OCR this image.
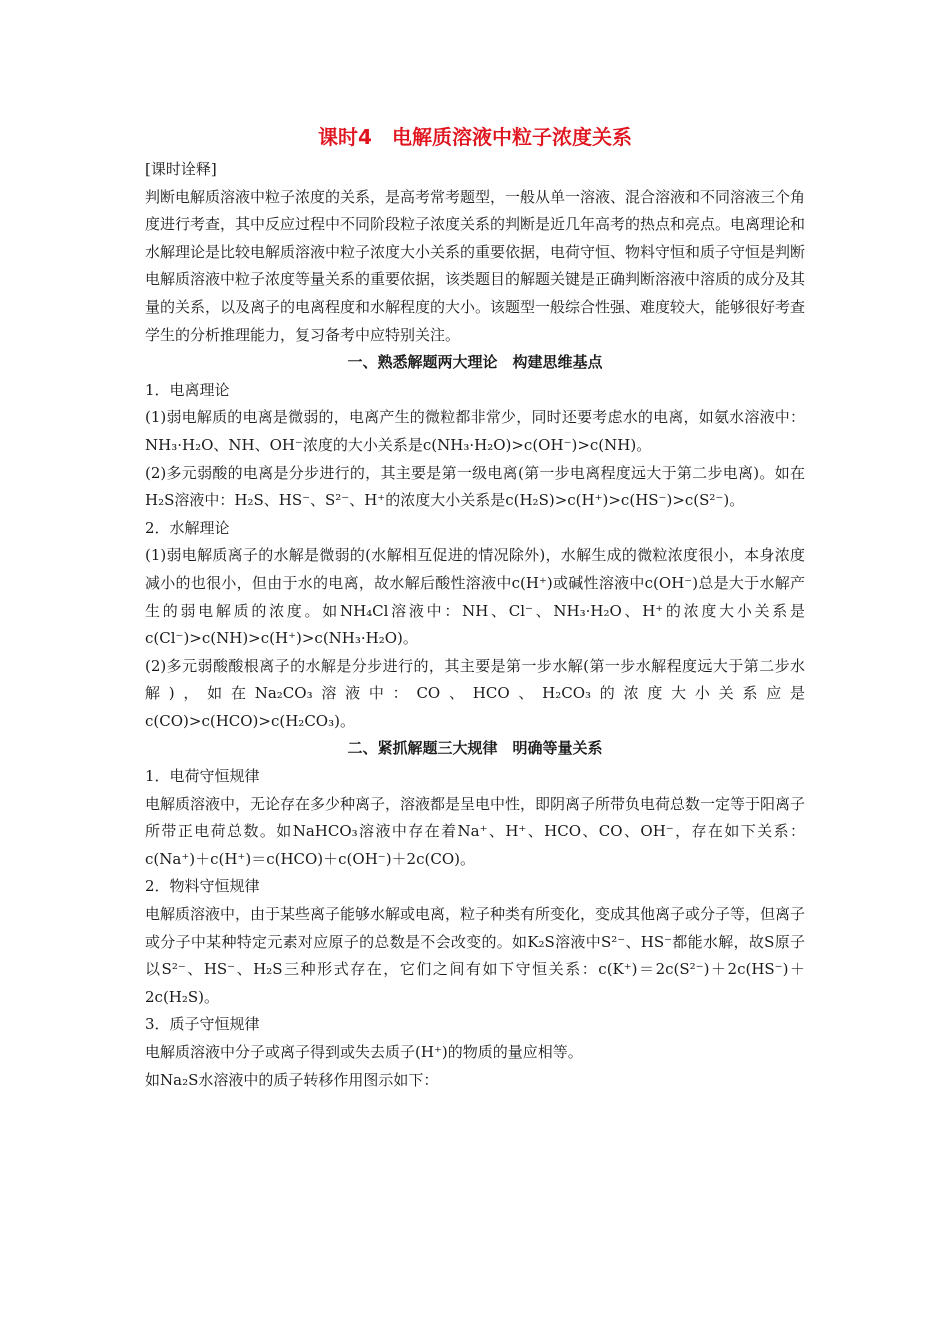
课时4　电解质溶液中粒子浓度关系

[课时诠释]

判断电解质溶液中粒子浓度的关系，是高考常考题型，一般从单一溶液、混合溶液和不同溶液三个角度进行考查，其中反应过程中不同阶段粒子浓度关系的判断是近几年高考的热点和亮点。电离理论和水解理论是比较电解质溶液中粒子浓度大小关系的重要依据，电荷守恒、物料守恒和质子守恒是判断电解质溶液中粒子浓度等量关系的重要依据，该类题目的解题关键是正确判断溶液中溶质的成分及其量的关系，以及离子的电离程度和水解程度的大小。该题型一般综合性强、难度较大，能够很好考查学生的分析推理能力，复习备考中应特别关注。

一、熟悉解题两大理论　构建思维基点

1．电离理论

(1)弱电解质的电离是微弱的，电离产生的微粒都非常少，同时还要考虑水的电离，如氨水溶液中：NH₃·H₂O、NH、OH⁻浓度的大小关系是c(NH₃·H₂O)>c(OH⁻)>c(NH)。

(2)多元弱酸的电离是分步进行的，其主要是第一级电离(第一步电离程度远大于第二步电离)。如在H₂S溶液中：H₂S、HS⁻、S²⁻、H⁺的浓度大小关系是c(H₂S)>c(H⁺)>c(HS⁻)>c(S²⁻)。

2．水解理论

(1)弱电解质离子的水解是微弱的(水解相互促进的情况除外)，水解生成的微粒浓度很小，本身浓度减小的也很小，但由于水的电离，故水解后酸性溶液中c(H⁺)或碱性溶液中c(OH⁻)总是大于水解产生的弱电解质的浓度。如NH₄Cl溶液中：NH、Cl⁻、NH₃·H₂O、H⁺的浓度大小关系是c(Cl⁻)>c(NH)>c(H⁺)>c(NH₃·H₂O)。

(2)多元弱酸酸根离子的水解是分步进行的，其主要是第一步水解(第一步水解程度远大于第二步水解)，如在Na₂CO₃溶液中：CO、HCO、H₂CO₃的浓度大小关系应是c(CO)>c(HCO)>c(H₂CO₃)。

二、紧抓解题三大规律　明确等量关系

1．电荷守恒规律

电解质溶液中，无论存在多少种离子，溶液都是呈电中性，即阴离子所带负电荷总数一定等于阳离子所带正电荷总数。如NaHCO₃溶液中存在着Na⁺、H⁺、HCO、CO、OH⁻，存在如下关系：c(Na⁺)＋c(H⁺)＝c(HCO)＋c(OH⁻)＋2c(CO)。

2．物料守恒规律

电解质溶液中，由于某些离子能够水解或电离，粒子种类有所变化，变成其他离子或分子等，但离子或分子中某种特定元素对应原子的总数是不会改变的。如K₂S溶液中S²⁻、HS⁻都能水解，故S原子以S²⁻、HS⁻、H₂S三种形式存在，它们之间有如下守恒关系：c(K⁺)＝2c(S²⁻)＋2c(HS⁻)＋2c(H₂S)。

3．质子守恒规律

电解质溶液中分子或离子得到或失去质子(H⁺)的物质的量应相等。

如Na₂S水溶液中的质子转移作用图示如下：
